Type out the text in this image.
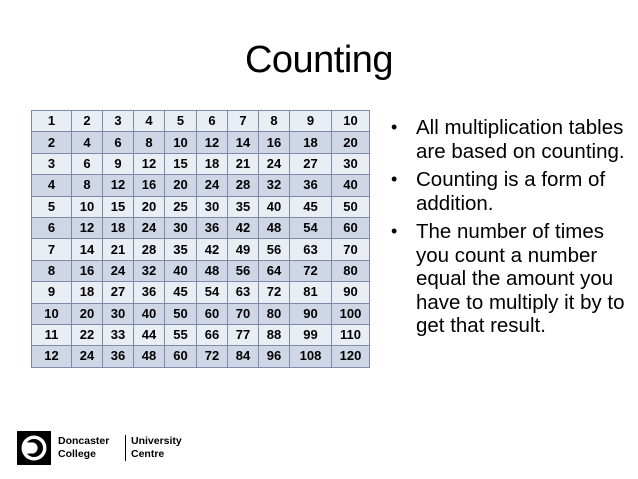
Counting
1	2	3	4	5	6	7	8	9	10
2	4	6	8	10	12	14	16	18	20
3	6	9	12	15	18	21	24	27	30
4	8	12	16	20	24	28	32	36	40
5	10	15	20	25	30	35	40	45	50
6	12	18	24	30	36	42	48	54	60
7	14	21	28	35	42	49	56	63	70
8	16	24	32	40	48	56	64	72	80
9	18	27	36	45	54	63	72	81	90
10	20	30	40	50	60	70	80	90	100
11	22	33	44	55	66	77	88	99	110
12	24	36	48	60	72	84	96	108	120
• All multiplication tables are based on counting.
• Counting is a form of addition.
• The number of times you count a number equal the amount you have to multiply it by to get that result.
Doncaster
College
University
Centre
